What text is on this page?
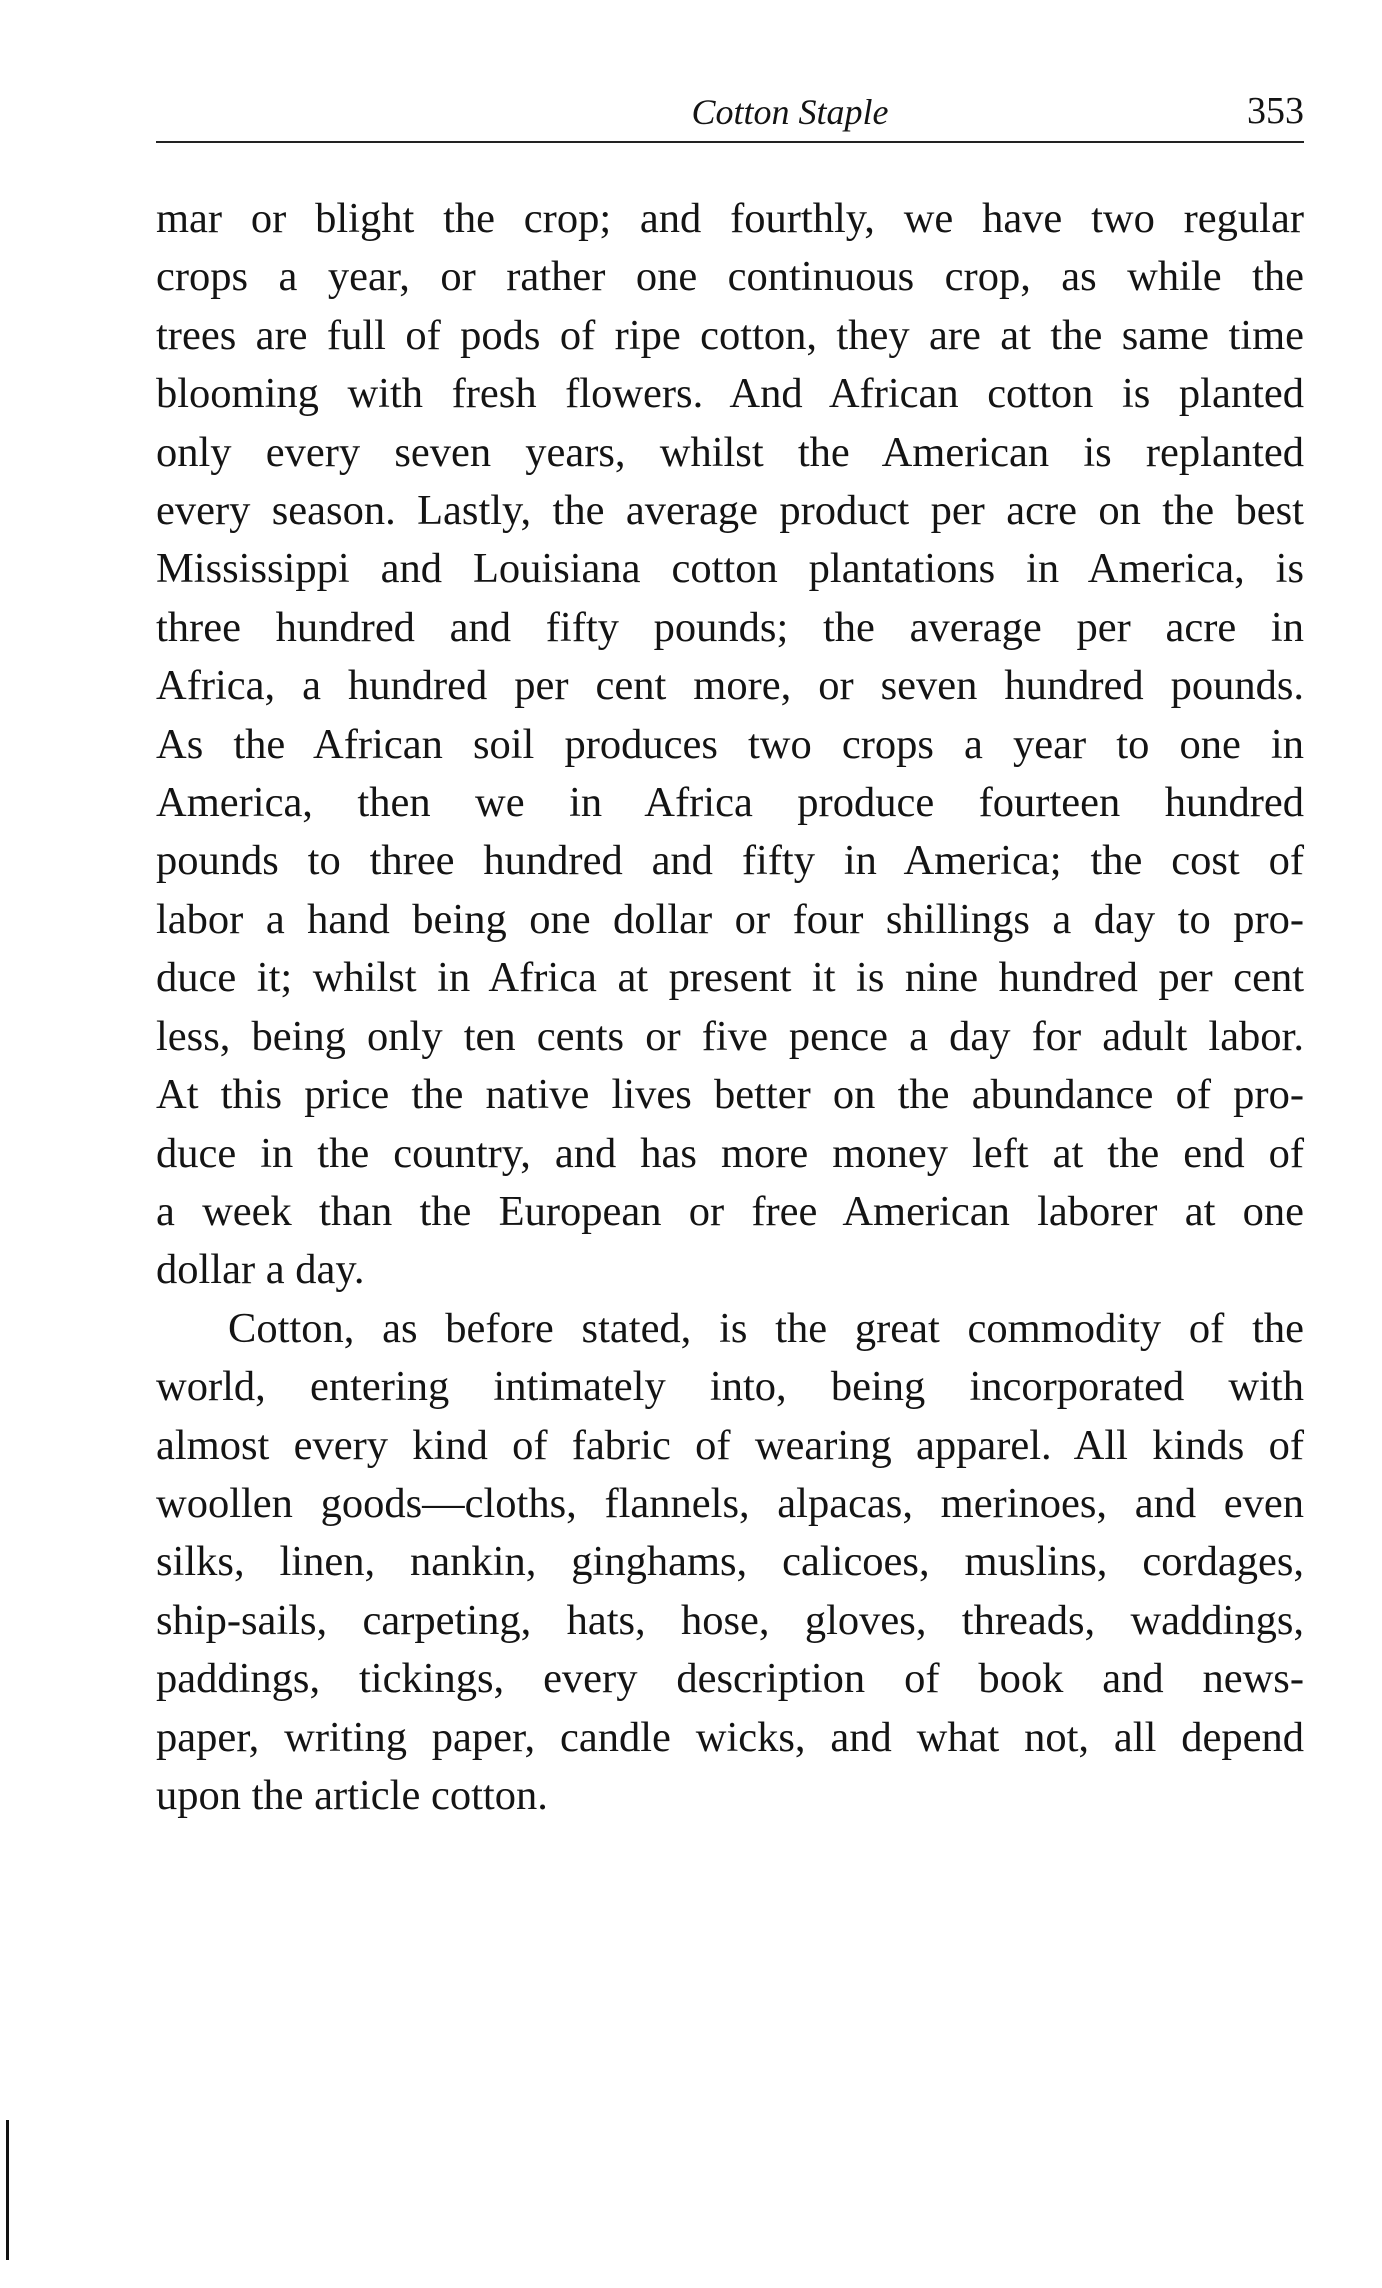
Cotton Staple	353
mar or blight the crop; and fourthly, we have two regular
crops a year, or rather one continuous crop, as while the
trees are full of pods of ripe cotton, they are at the same time
blooming with fresh flowers. And African cotton is planted
only every seven years, whilst the American is replanted
every season. Lastly, the average product per acre on the best
Mississippi and Louisiana cotton plantations in America, is
three hundred and fifty pounds; the average per acre in
Africa, a hundred per cent more, or seven hundred pounds.
As the African soil produces two crops a year to one in
America, then we in Africa produce fourteen hundred
pounds to three hundred and fifty in America; the cost of
labor a hand being one dollar or four shillings a day to pro-
duce it; whilst in Africa at present it is nine hundred per cent
less, being only ten cents or five pence a day for adult labor.
At this price the native lives better on the abundance of pro-
duce in the country, and has more money left at the end of
a week than the European or free American laborer at one
dollar a day.
Cotton, as before stated, is the great commodity of the
world, entering intimately into, being incorporated with
almost every kind of fabric of wearing apparel. All kinds of
woollen goods—cloths, flannels, alpacas, merinoes, and even
silks, linen, nankin, ginghams, calicoes, muslins, cordages,
ship-sails, carpeting, hats, hose, gloves, threads, waddings,
paddings, tickings, every description of book and news-
paper, writing paper, candle wicks, and what not, all depend
upon the article cotton.
